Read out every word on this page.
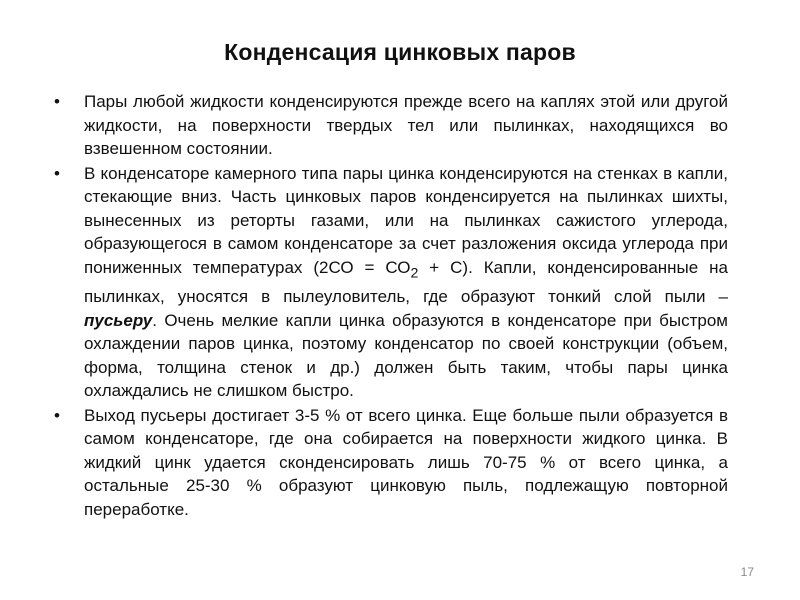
Конденсация цинковых паров
•	Пары любой жидкости конденсируются прежде всего на каплях этой или другой жидкости, на поверхности твердых тел или пылинках, находящихся во взвешенном состоянии.
•	В конденсаторе камерного типа пары цинка конденсируются на стенках в капли, стекающие вниз. Часть цинковых паров конденсируется на пылинках шихты, вынесенных из реторты газами, или на пылинках сажистого углерода, образующегося в самом конденсаторе за счет разложения оксида углерода при пониженных температурах $(2СО = СО_2 + С)$. Капли, конденсированные на пылинках, уносятся в пылеуловитель, где образуют тонкий слой пыли – пусьеру. Очень мелкие капли цинка образуются в конденсаторе при быстром охлаждении паров цинка, поэтому конденсатор по своей конструкции (объем, форма, толщина стенок и др.) должен быть таким, чтобы пары цинка охлаждались не слишком быстро.
•	Выход пусьеры достигает 3-5 % от всего цинка. Еще больше пыли образуется в самом конденсаторе, где она собирается на поверхности жидкого цинка. В жидкий цинк удается сконденсировать лишь 70-75 % от всего цинка, а остальные 25-30 % образуют цинковую пыль, подлежащую повторной переработке.
17
